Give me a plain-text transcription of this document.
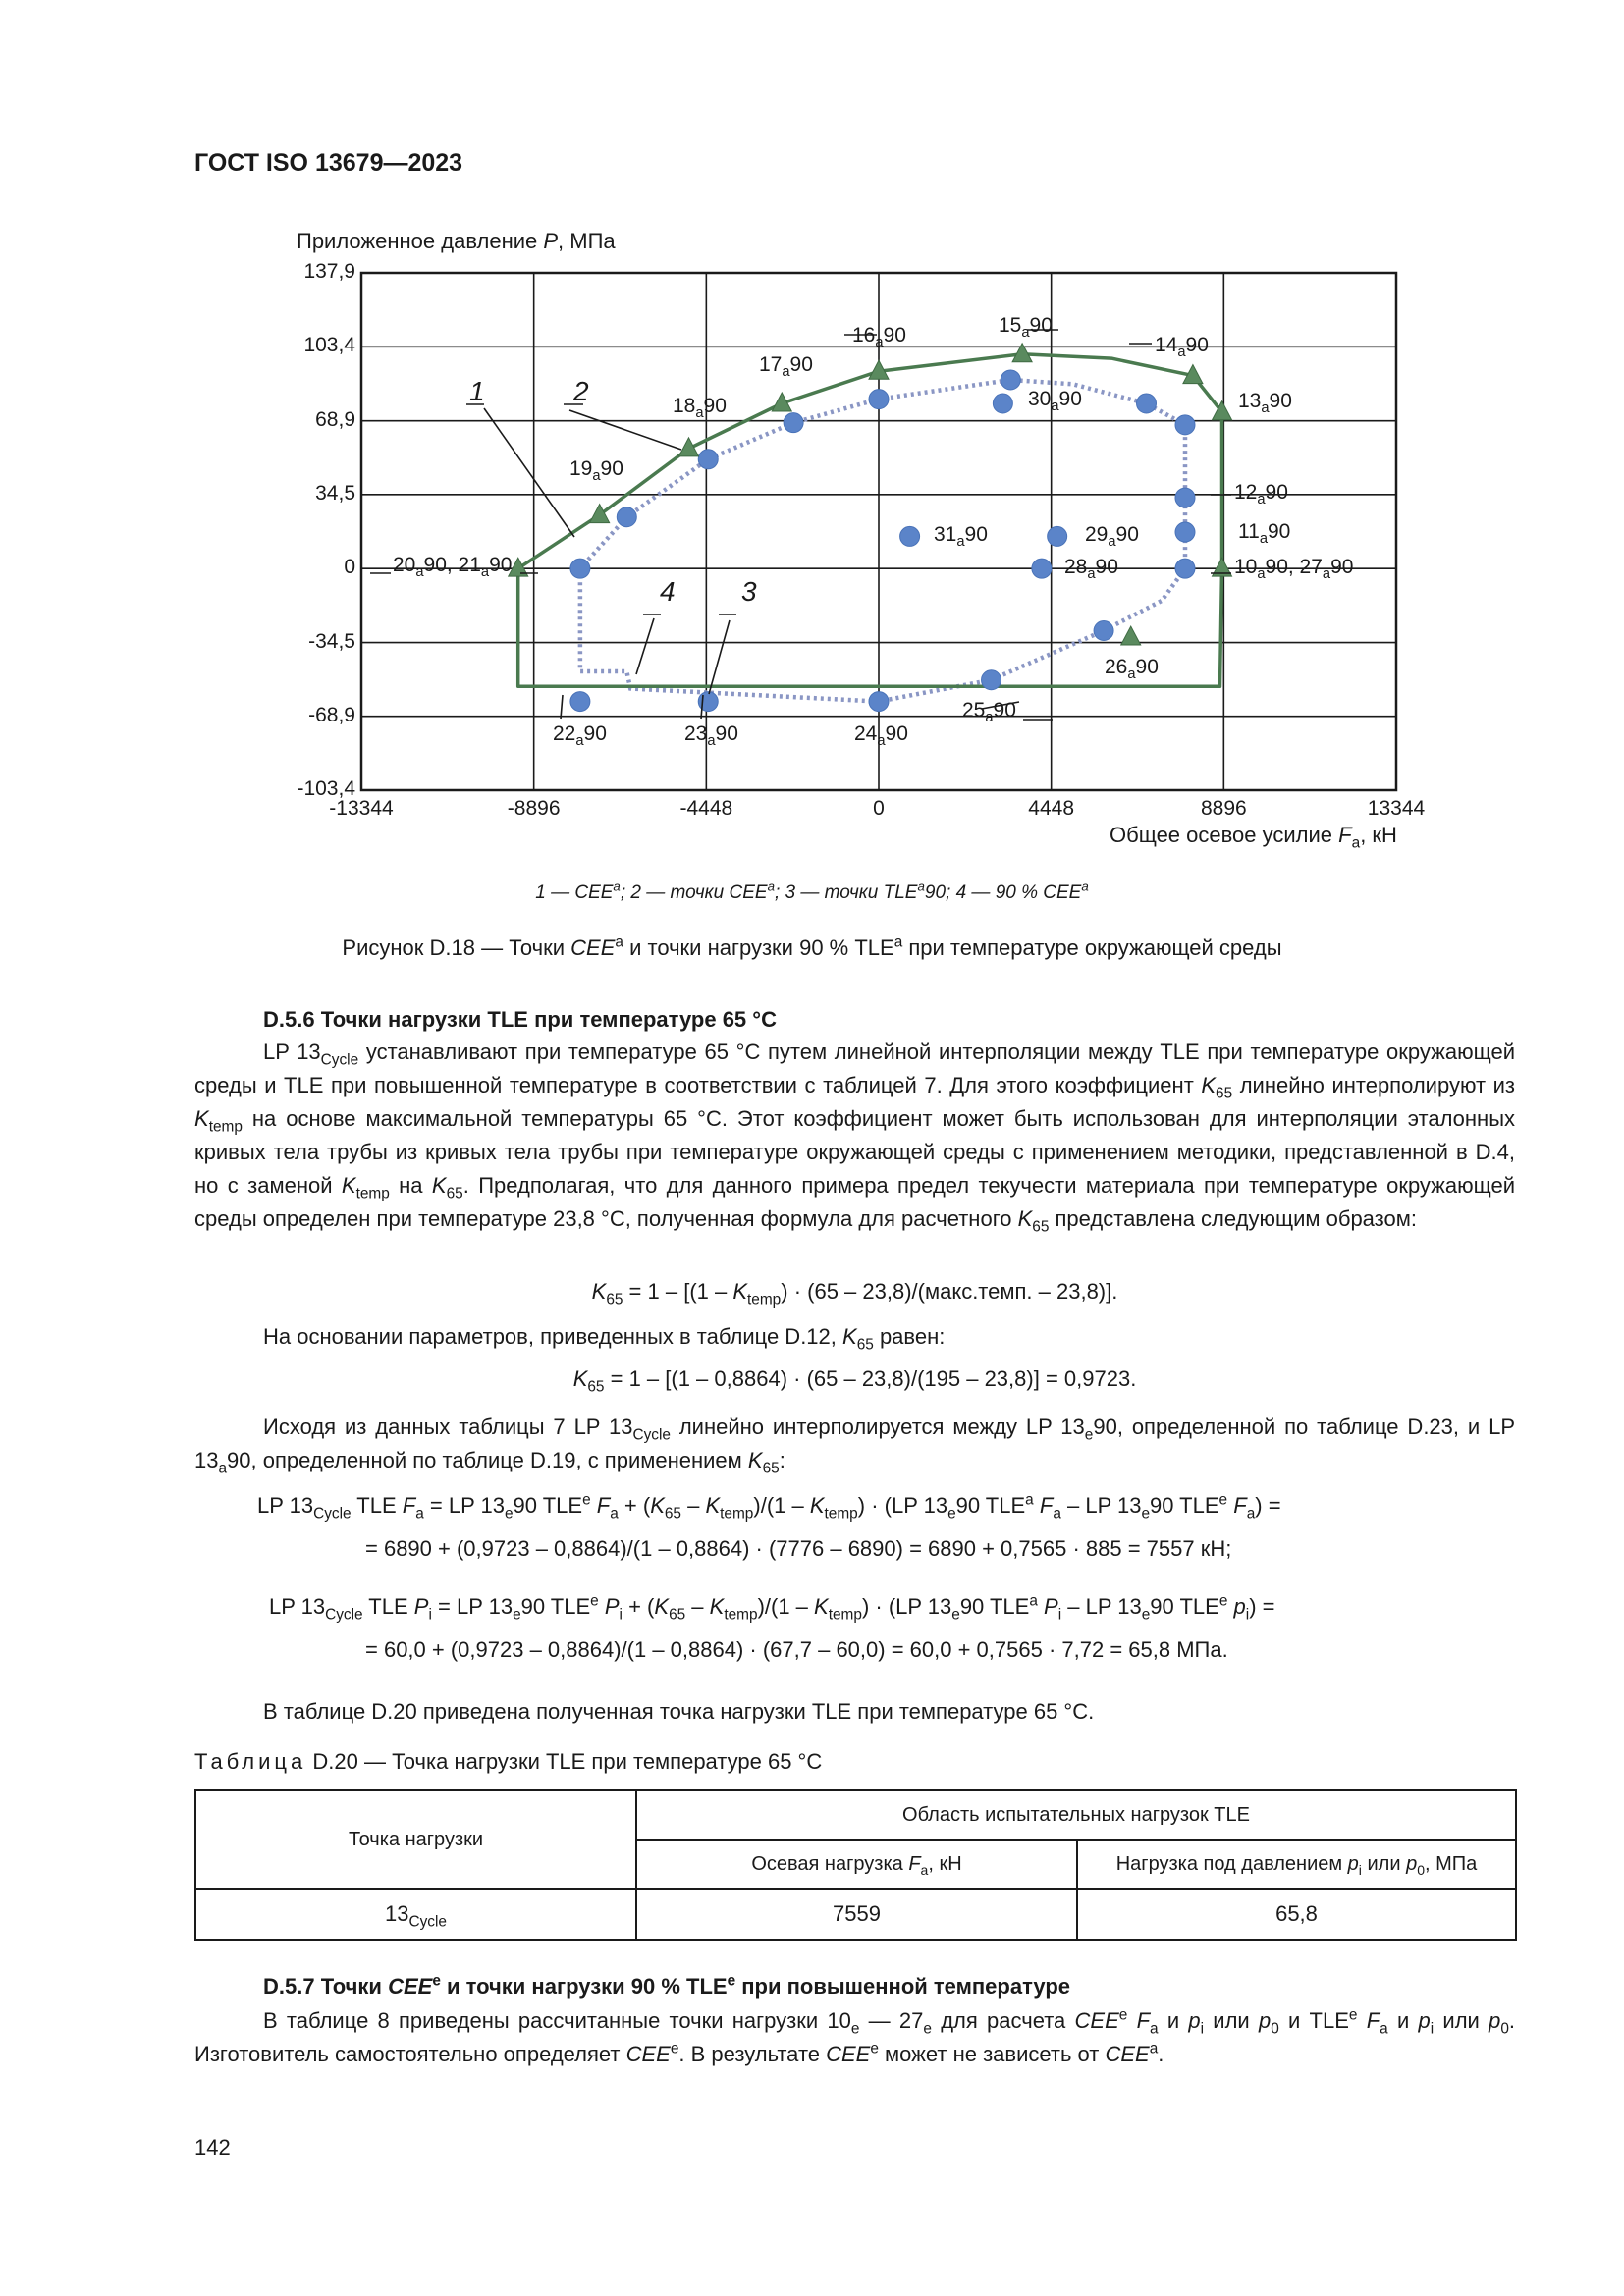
ГОСТ ISO 13679—2023
Приложенное давление P, МПа
-13344	-8896	-4448	0	4448	8896	13344
137,9
103,4
68,9
34,5
0
-34,5
-68,9
-103,4
$20_a90$, $21_a90$
$19_a90$
$18_a90$
$17_a90$
$16_a90$	$15_a90$
$14_a90$
$13_a90$
$12_a90$
$11_a90$
$10_a90$, $27_a90$
$26_a90$
$25_a90$
$24_a90$
$23_a90$
$22_a90$
$30_a90$
$31_a90$	$29_a90$
$28_a90$
1	2
3
4
Общее осевое усилие $F_a$, кН
1 — CEE$^a$; 2 — точки CEE$^a$; 3 — точки TLE$^a$90; 4 — 90 % CEE$^a$
Рисунок D.18 — Точки CEE$^a$ и точки нагрузки 90 % TLE$^a$ при температуре окружающей среды
D.5.6 Точки нагрузки TLE при температуре 65 °С
LP $13_{Cycle}$ устанавливают при температуре 65 °С путем линейной интерполяции между TLE при температуре окружающей среды и TLE при повышенной температуре в соответствии с таблицей 7. Для этого коэффициент $K_{65}$ линейно интерполируют из $K_{temp}$ на основе максимальной температуры 65 °С. Этот коэффициент может быть использован для интерполяции эталонных кривых тела трубы из кривых тела трубы при температуре окружающей среды с применением методики, представленной в D.4, но с заменой $K_{temp}$ на $K_{65}$. Предполагая, что для данного примера предел текучести материала при температуре окружающей среды определен при температуре 23,8 °С, полученная формула для расчетного $K_{65}$ представлена следующим образом:
$K_{65} = 1 - [(1 - K_{temp}) \cdot (65$ – 23,8)/(макс.темп. – 23,8)].
На основании параметров, приведенных в таблице D.12, $K_{65}$ равен:
$K_{65} = 1 - [(1 - 0,8864) \cdot (65 - 23,8)/(195 - 23,8)] = 0,9723$.
Исходя из данных таблицы 7 LP $13_{Cycle}$ линейно интерполируется между LP $13_e90$, определенной по таблице D.23, и LP $13_a90$, определенной по таблице D.19, с применением $K_{65}$:
LP $13_{Cycle}$ TLE $F_a$ = LP $13_e90$ TLE$^e$ $F_a + (K_{65} - K_{temp})/(1 - K_{temp}) \cdot (LP$ $13_e90$ TLE$^a$ $F_a$ – LP $13_e90$ TLE$^e$ $F_a$) =
= 6890 + (0,9723 – 0,8864)/(1 – 0,8864) · (7776 – 6890) = 6890 + 0,7565 · 885 = 7557 кН;
LP $13_{Cycle}$ TLE $P_i$ = LP $13_e90$ TLE$^e$ $P_i + (K_{65} - K_{temp})/(1 - K_{temp}) \cdot (LP$ $13_e90$ TLE$^a$ $P_i$ – LP $13_e90$ TLE$^e$ $p_i$) =
= 60,0 + (0,9723 – 0,8864)/(1 – 0,8864) · (67,7 – 60,0) = 60,0 + 0,7565 · 7,72 = 65,8 МПа.
В таблице D.20 приведена полученная точка нагрузки TLE при температуре 65 °С.
Таблица D.20 — Точка нагрузки TLE при температуре 65 °С
Точка нагрузки	Область испытательных нагрузок TLE	
	Осевая нагрузка $F_a$, кН	Нагрузка под давлением $p_i$ или $p_0$, МПа
$13_{Cycle}$	7559	65,8
D.5.7 Точки CEE$^e$ и точки нагрузки 90 % TLE$^e$ при повышенной температуре
В таблице 8 приведены рассчитанные точки нагрузки $10_e$ — $27_e$ для расчета CEE$^e$ $F_a$ и $p_i$ или $p_0$ и TLE$^e$ $F_a$ и $p_i$ или $p_0$. Изготовитель самостоятельно определяет CEE$^e$. В результате CEE$^e$ может не зависеть от CEE$^a$.
142
